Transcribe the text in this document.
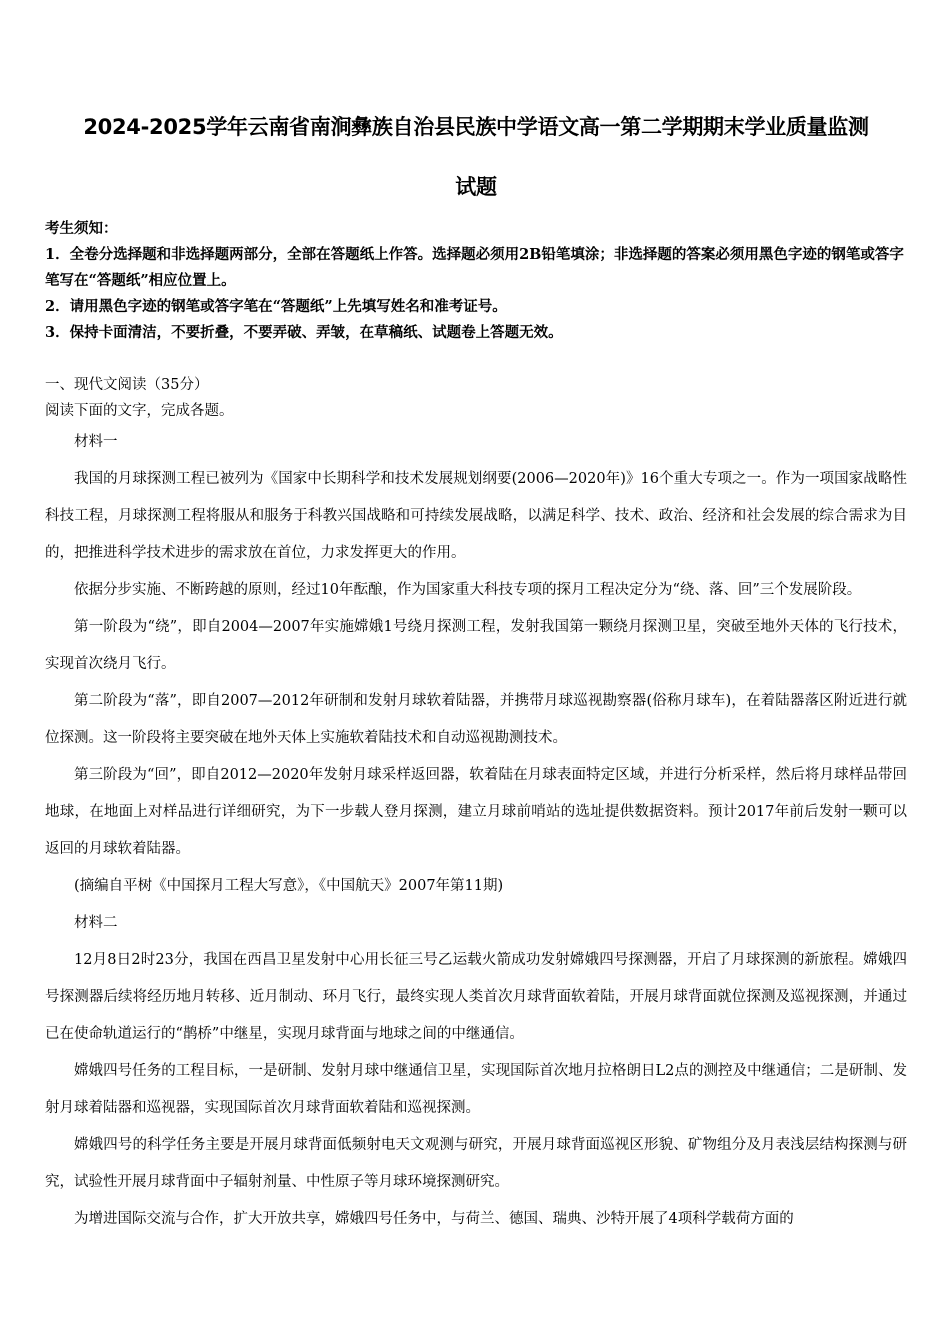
2024-2025学年云南省南涧彝族自治县民族中学语文高一第二学期期末学业质量监测
试题
考生须知：
1．全卷分选择题和非选择题两部分，全部在答题纸上作答。选择题必须用2B铅笔填涂；非选择题的答案必须用黑色字迹的钢笔或答字笔写在“答题纸”相应位置上。
2．请用黑色字迹的钢笔或答字笔在“答题纸”上先填写姓名和准考证号。
3．保持卡面清洁，不要折叠，不要弄破、弄皱，在草稿纸、试题卷上答题无效。
一、现代文阅读（35分）
阅读下面的文字，完成各题。

材料一

我国的月球探测工程已被列为《国家中长期科学和技术发展规划纲要(2006—2020年)》16个重大专项之一。作为一项国家战略性科技工程，月球探测工程将服从和服务于科教兴国战略和可持续发展战略，以满足科学、技术、政治、经济和社会发展的综合需求为目的，把推进科学技术进步的需求放在首位，力求发挥更大的作用。

依据分步实施、不断跨越的原则，经过10年酝酿，作为国家重大科技专项的探月工程决定分为“绕、落、回”三个发展阶段。

第一阶段为“绕”，即自2004—2007年实施嫦娥1号绕月探测工程，发射我国第一颗绕月探测卫星，突破至地外天体的飞行技术，实现首次绕月飞行。

第二阶段为“落”，即自2007—2012年研制和发射月球软着陆器，并携带月球巡视勘察器(俗称月球车)，在着陆器落区附近进行就位探测。这一阶段将主要突破在地外天体上实施软着陆技术和自动巡视勘测技术。

第三阶段为“回”，即自2012—2020年发射月球采样返回器，软着陆在月球表面特定区域，并进行分析采样，然后将月球样品带回地球，在地面上对样品进行详细研究，为下一步载人登月探测，建立月球前哨站的选址提供数据资料。预计2017年前后发射一颗可以返回的月球软着陆器。

(摘编自平树《中国探月工程大写意》，《中国航天》2007年第11期)

材料二

12月8日2时23分，我国在西昌卫星发射中心用长征三号乙运载火箭成功发射嫦娥四号探测器，开启了月球探测的新旅程。嫦娥四号探测器后续将经历地月转移、近月制动、环月飞行，最终实现人类首次月球背面软着陆，开展月球背面就位探测及巡视探测，并通过已在使命轨道运行的“鹊桥”中继星，实现月球背面与地球之间的中继通信。

嫦娥四号任务的工程目标，一是研制、发射月球中继通信卫星，实现国际首次地月拉格朗日L2点的测控及中继通信；二是研制、发射月球着陆器和巡视器，实现国际首次月球背面软着陆和巡视探测。

嫦娥四号的科学任务主要是开展月球背面低频射电天文观测与研究，开展月球背面巡视区形貌、矿物组分及月表浅层结构探测与研究，试验性开展月球背面中子辐射剂量、中性原子等月球环境探测研究。

为增进国际交流与合作，扩大开放共享，嫦娥四号任务中，与荷兰、德国、瑞典、沙特开展了4项科学载荷方面的
